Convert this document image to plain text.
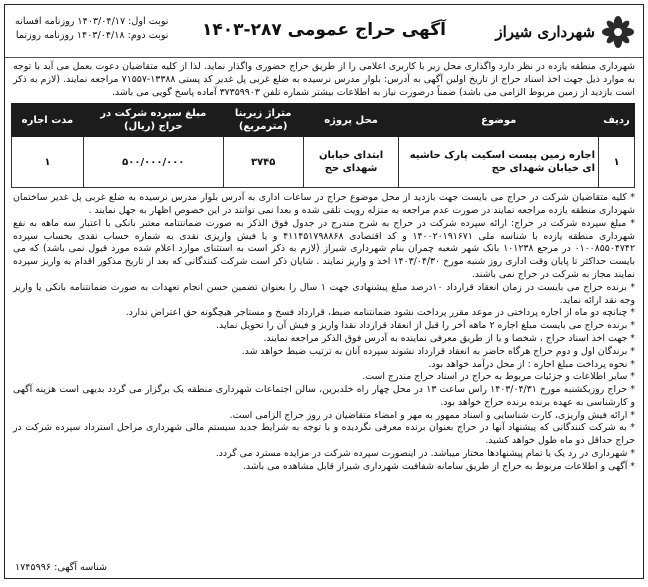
شهرداری شیراز
آگهی حراج عمومی ۲۸۷-۱۴۰۳
نوبت اول: ۱۴۰۳/۰۴/۱۷ روزنامه افسانه
نوبت دوم: ۱۴۰۳/۰۴/۱۸ روزنامه روزنما
شهرداری منطقه یازده در نظر دارد واگذاری محل زیر با کاربری اعلامی را از طریق حراج حضوری واگذار نماید. لذا از کلیه متقاضیان دعوت بعمل می آید با توجه به موارد ذیل جهت اخذ اسناد حراج از تاریخ اولین آگهی به آدرس: بلوار مدرس نرسیده به ضلع غربی پل غدیر کد پستی ۱۳۳۸۸-۷۱۵۵۷ مراجعه نمایند. (لازم به ذکر است بازدید از زمین مربوط الزامی می باشد) ضمناً درصورت نیاز به اطلاعات بیشتر شماره تلفن ۳۷۳۵۹۹۰۳ آماده پاسخ گویی می باشد.
ردیف	موضوع	محل پروژه	متراژ زیربنا (مترمربع)	مبلغ سپرده شرکت در حراج (ریال)	مدت اجاره
۱	اجاره زمین پیست اسکیت پارک حاشیه ای خیابان شهدای حج	ابتدای خیابان شهدای حج	۳۷۴۵	۵۰۰/۰۰۰/۰۰۰	۱

* کلیه متقاضیان شرکت در حراج می بایست جهت بازدید از محل موضوع حراج در ساعات اداری به آدرس بلوار مدرس نرسیده به ضلع غربی پل غدیر ساختمان شهرداری منطقه یازده مراجعه نمایند در صورت عدم مراجعه به منزله رویت تلقی شده و بعدا نمی توانند در این خصوص اظهار به جهل نمایند .

* مبلغ سپرده شرکت در حراج: ارائه سپرده شرکت در حراج به شرح مندرج در جدول فوق الذکر به صورت ضمانتنامه معتبر بانکی با اعتبار سه ماهه به نفع شهرداری منطقه یازده با شناسه ملی ۱۴۰۰۲۰۱۹۱۶۷۱ و کد اقتصادی ۴۱۱۴۵۱۷۹۸۸۶۸ و یا فیش واریزی نقدی به شماره حساب نقدی بحساب سپرده ۰۱۰۰۸۵۵۰۴۷۴۲ در مرجع ۱۰۱۲۳۸ بانک شهر شعبه چمران بنام شهرداری شیراز (لازم به ذکر است به استثنای موارد اعلام شده مورد قبول نمی باشد) که می بایست حداکثر تا پایان وقت اداری روز شنبه مورخ ۱۴۰۳/۰۴/۳۰ اخذ و واریز نمایند . شایان ذکر است شرکت کنندگانی که بعد از تاریخ مذکور اقدام به واریز سپرده نمایند مجاز به شرکت در حراج نمی باشند.

* برنده حراج می بایست در زمان انعقاد قرارداد ۱۰درصد مبلغ پیشنهادی جهت ۱ سال را بعنوان تضمین حسن انجام تعهدات به صورت ضمانتنامه بانکی یا واریز وجه نقد ارائه نماید.

* چنانچه دو ماه از اجاره پرداختی در موعد مقرر پرداخت نشود ضمانتنامه ضبط، قرارداد فسخ و مستاجر هیچگونه حق اعتراض ندارد.

* برنده حراج می بایست مبلغ اجاره ۲ ماهه آخر را قبل از انعقاد قرارداد نقدا واریز و فیش آن را تحویل نماید.

* جهت اخذ اسناد حراج ، شخصا و یا از طریق معرفی نماینده به آدرس فوق الذکر مراجعه نمایند.

* برندگان اول و دوم حراج هرگاه حاضر به انعقاد قرارداد نشوند سپرده آنان به ترتیب ضبط خواهد شد.

* نحوه پرداخت مبلغ اجاره : از محل درآمد خواهد بود.

* سایر اطلاعات و جزئیات مربوط به حراج در اسناد حراج مندرج است.

* حراج روزیکشنبه مورخ ۱۴۰۳/۰۴/۳۱ راس ساعت ۱۳ در محل چهار راه خلدبرین، سالن اجتماعات شهرداری منطقه یک برگزار می گردد بدیهی است هزینه آگهی و کارشناسی به عهده برنده برنده حراج خواهد بود.

* ارائه فیش واریزی، کارت شناسایی و اسناد ممهور به مهر و امضاء متقاضیان در روز حراج الزامی است.

* به شرکت کنندگانی که پیشنهاد آنها در حراج بعنوان برنده معرفی نگردیده و با توجه به شرایط جدید سیستم مالی شهرداری مراحل استرداد سپرده شرکت در حراج حداقل دو ماه طول خواهد کشید.

* شهرداری در رد یک یا تمام پیشنهادها مختار میباشد. در اینصورت سپرده شرکت در مزایده مسترد می گردد.

* آگهی و اطلاعات مربوط به حراج از طریق سامانه شفافیت شهرداری شیراز قابل مشاهده می باشد.

شناسه آگهی: ۱۷۴۵۹۹۶
